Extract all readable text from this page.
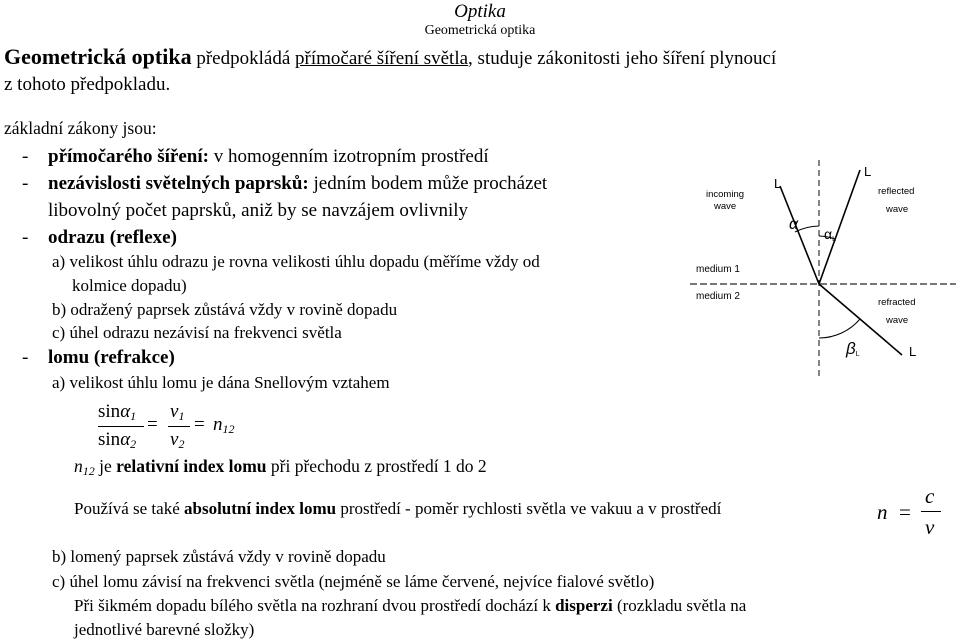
Optika
Geometrická optika
Geometrická optika předpokládá přímočaré šíření světla, studuje zákonitosti jeho šíření plynoucí
z tohoto předpokladu.
základní zákony jsou:
- přímočarého šíření: v homogenním izotropním prostředí
- nezávislosti světelných paprsků: jedním bodem může procházet
libovolný počet paprsků, aniž by se navzájem ovlivnily
- odrazu (reflexe)
a) velikost úhlu odrazu je rovna velikosti úhlu dopadu (měříme vždy od
kolmice dopadu)
b) odražený paprsek zůstává vždy v rovině dopadu
c) úhel odrazu nezávisí na frekvenci světla
- lomu (refrakce)
a) velikost úhlu lomu je dána Snellovým vztahem
sinα$_1$
sinα$_2$
=
$v_1$
$v_2$
= $n_{12}$
$n_{12}$ je relativní index lomu při přechodu z prostředí 1 do 2
Používá se také absolutní index lomu prostředí - poměr rychlosti světla ve vakuu a v prostředí	n =
c
v
b) lomený paprsek zůstává vždy v rovině dopadu
c) úhel lomu závisí na frekvenci světla (nejméně se láme červené, nejvíce fialové světlo)
Při šikmém dopadu bílého světla na rozhraní dvou prostředí dochází k disperzi (rozkladu světla na
jednotlivé barevné složky)
incoming
wave
L
L
reflected
wave
α
αL
medium 1
medium 2
refracted
wave
βL	L
